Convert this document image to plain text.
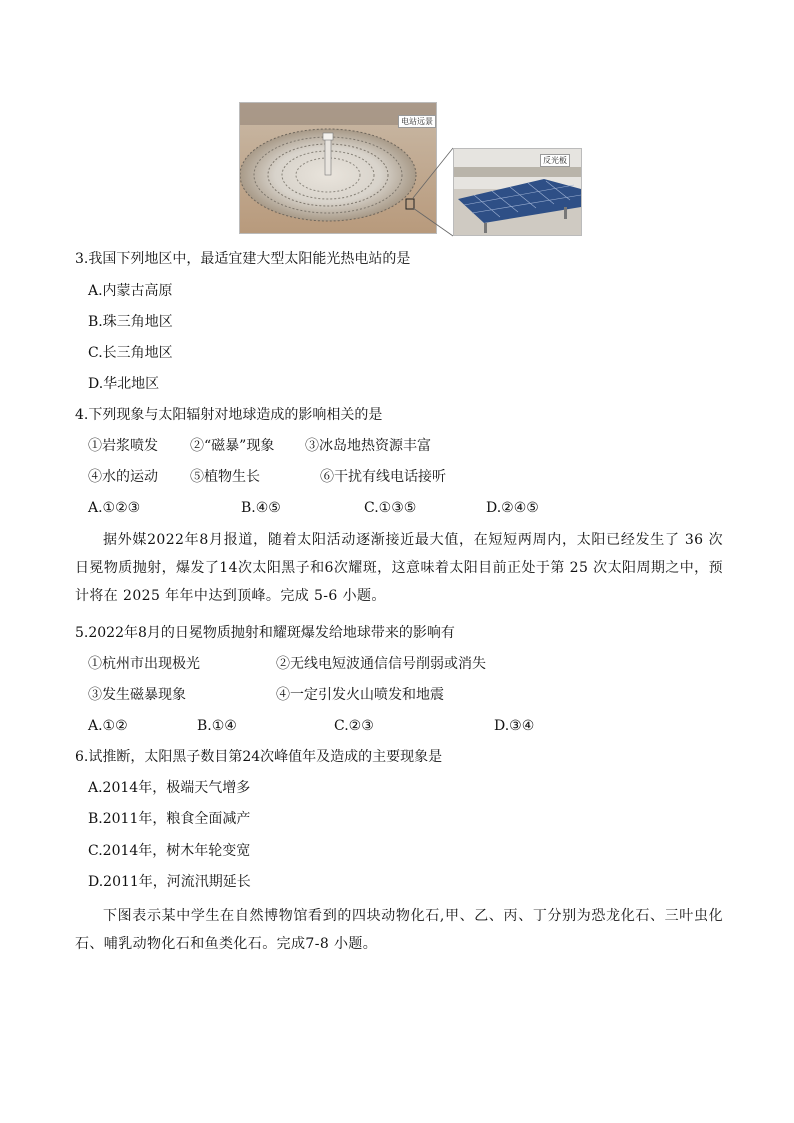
电站远景
反光板
3.我国下列地区中，最适宜建大型太阳能光热电站的是
A.内蒙古高原
B.珠三角地区
C.长三角地区
D.华北地区
4.下列现象与太阳辐射对地球造成的影响相关的是
①岩浆喷发 ②“磁暴”现象 ③冰岛地热资源丰富
④水的运动 ⑤植物生长	⑥干扰有线电话接听
A.①②③	B.④⑤	C.①③⑤	D.②④⑤
据外媒2022年8月报道，随着太阳活动逐渐接近最大值，在短短两周内，太阳已经发生了 36 次日冕物质抛射，爆发了14次太阳黑子和6次耀斑，这意味着太阳目前正处于第 25 次太阳周期之中，预计将在 2025 年年中达到顶峰。完成 5-6 小题。
5.2022年8月的日冕物质抛射和耀斑爆发给地球带来的影响有
①杭州市出现极光	②无线电短波通信信号削弱或消失
③发生磁暴现象	④一定引发火山喷发和地震
A.①②	B.①④	C.②③	D.③④
6.试推断，太阳黑子数目第24次峰值年及造成的主要现象是
A.2014年，极端天气增多
B.2011年，粮食全面减产
C.2014年，树木年轮变宽
D.2011年，河流汛期延长
下图表示某中学生在自然博物馆看到的四块动物化石,甲、乙、丙、丁分别为恐龙化石、三叶虫化石、哺乳动物化石和鱼类化石。完成7-8 小题。
